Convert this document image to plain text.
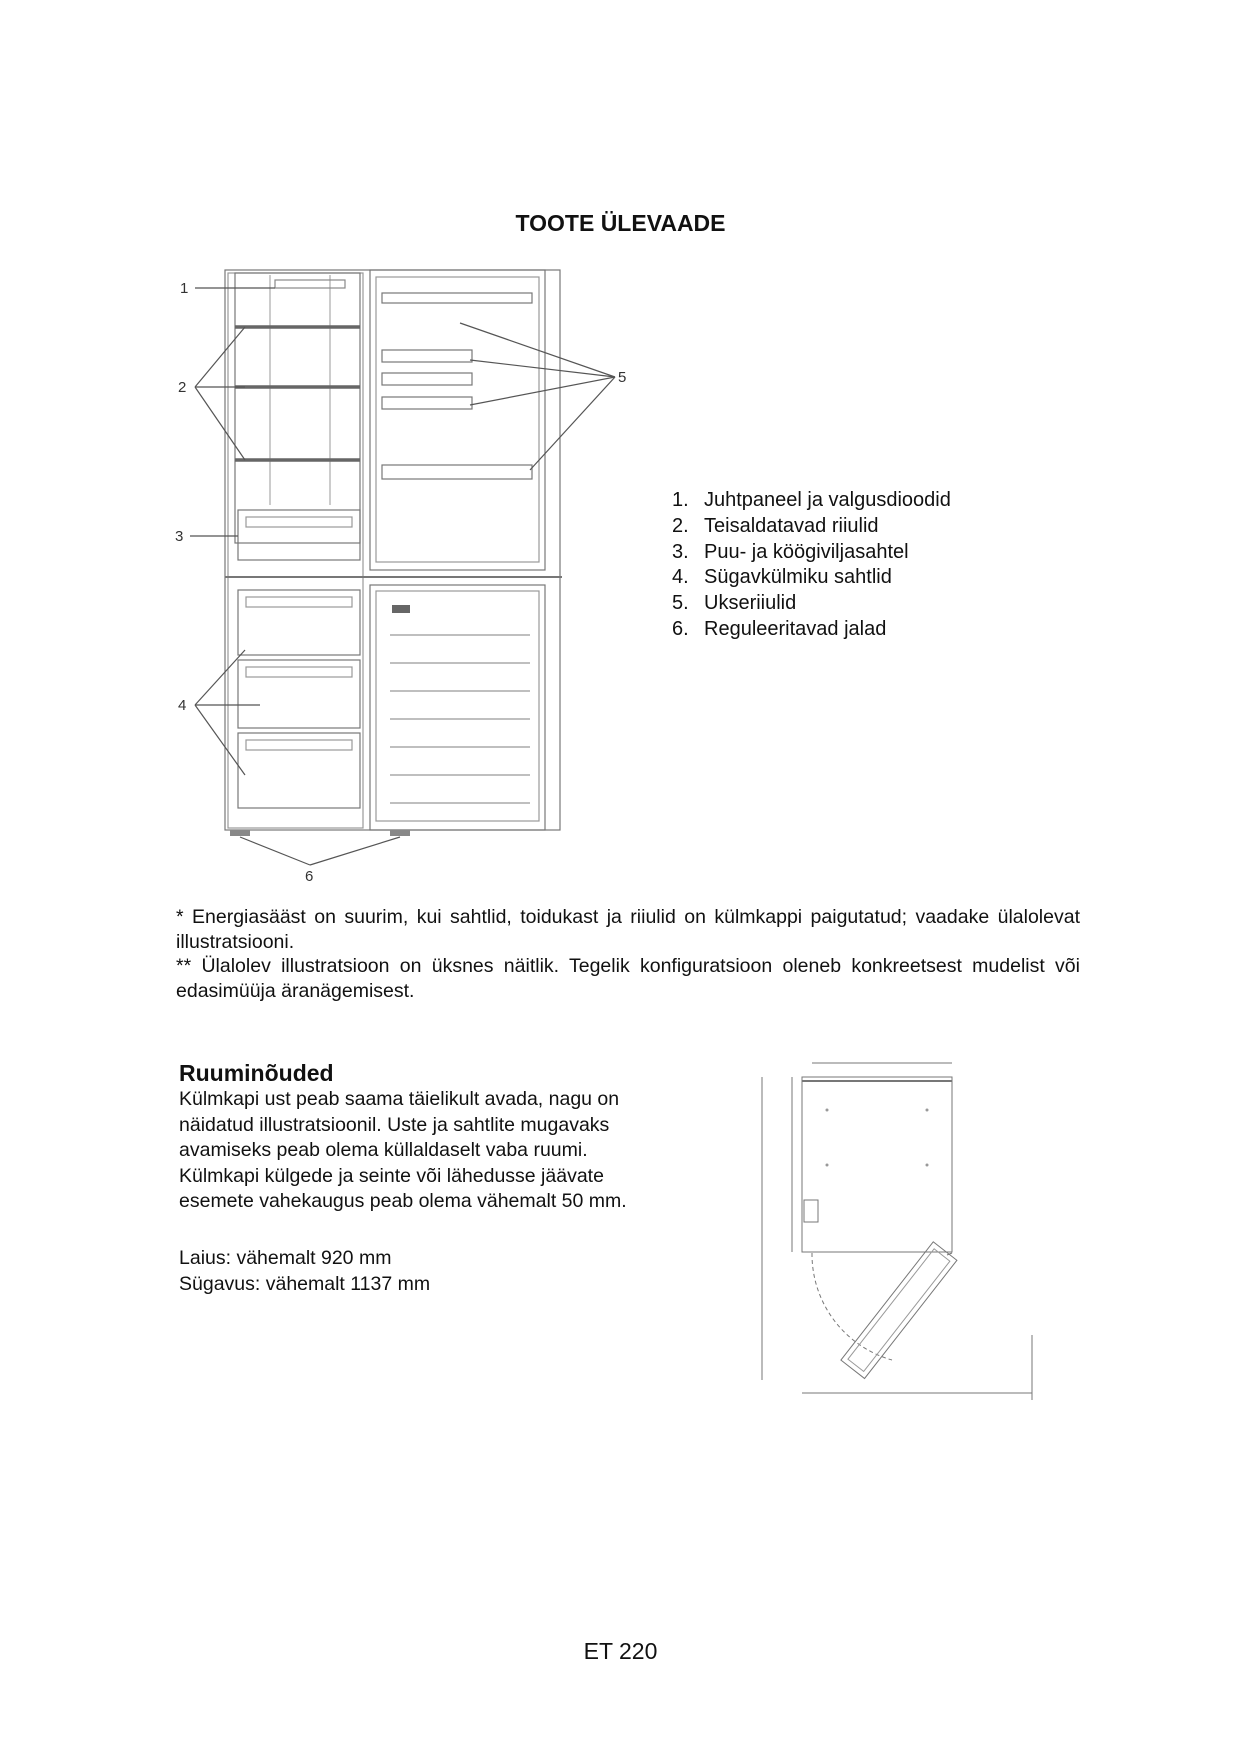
TOOTE ÜLEVAADE
1
2
3
4
5
6
1. Juhtpaneel ja valgusdioodid
2. Teisaldatavad riiulid
3. Puu- ja köögiviljasahtel
4. Sügavkülmiku sahtlid
5. Ukseriiulid
6. Reguleeritavad jalad

* Energiasääst on suurim, kui sahtlid, toidukast ja riiulid on külmkappi paigutatud; vaadake ülalolevat illustratsiooni.

** Ülalolev illustratsioon on üksnes näitlik. Tegelik konfiguratsioon oleneb konkreetsest mudelist või edasimüüja äranägemisest.

Ruuminõuded

Külmkapi ust peab saama täielikult avada, nagu on

näidatud illustratsioonil. Uste ja sahtlite mugavaks

avamiseks peab olema küllaldaselt vaba ruumi.

Külmkapi külgede ja seinte või lähedusse jäävate

esemete vahekaugus peab olema vähemalt 50 mm.

Laius: vähemalt 920 mm

Sügavus: vähemalt 1137 mm

ET 220
